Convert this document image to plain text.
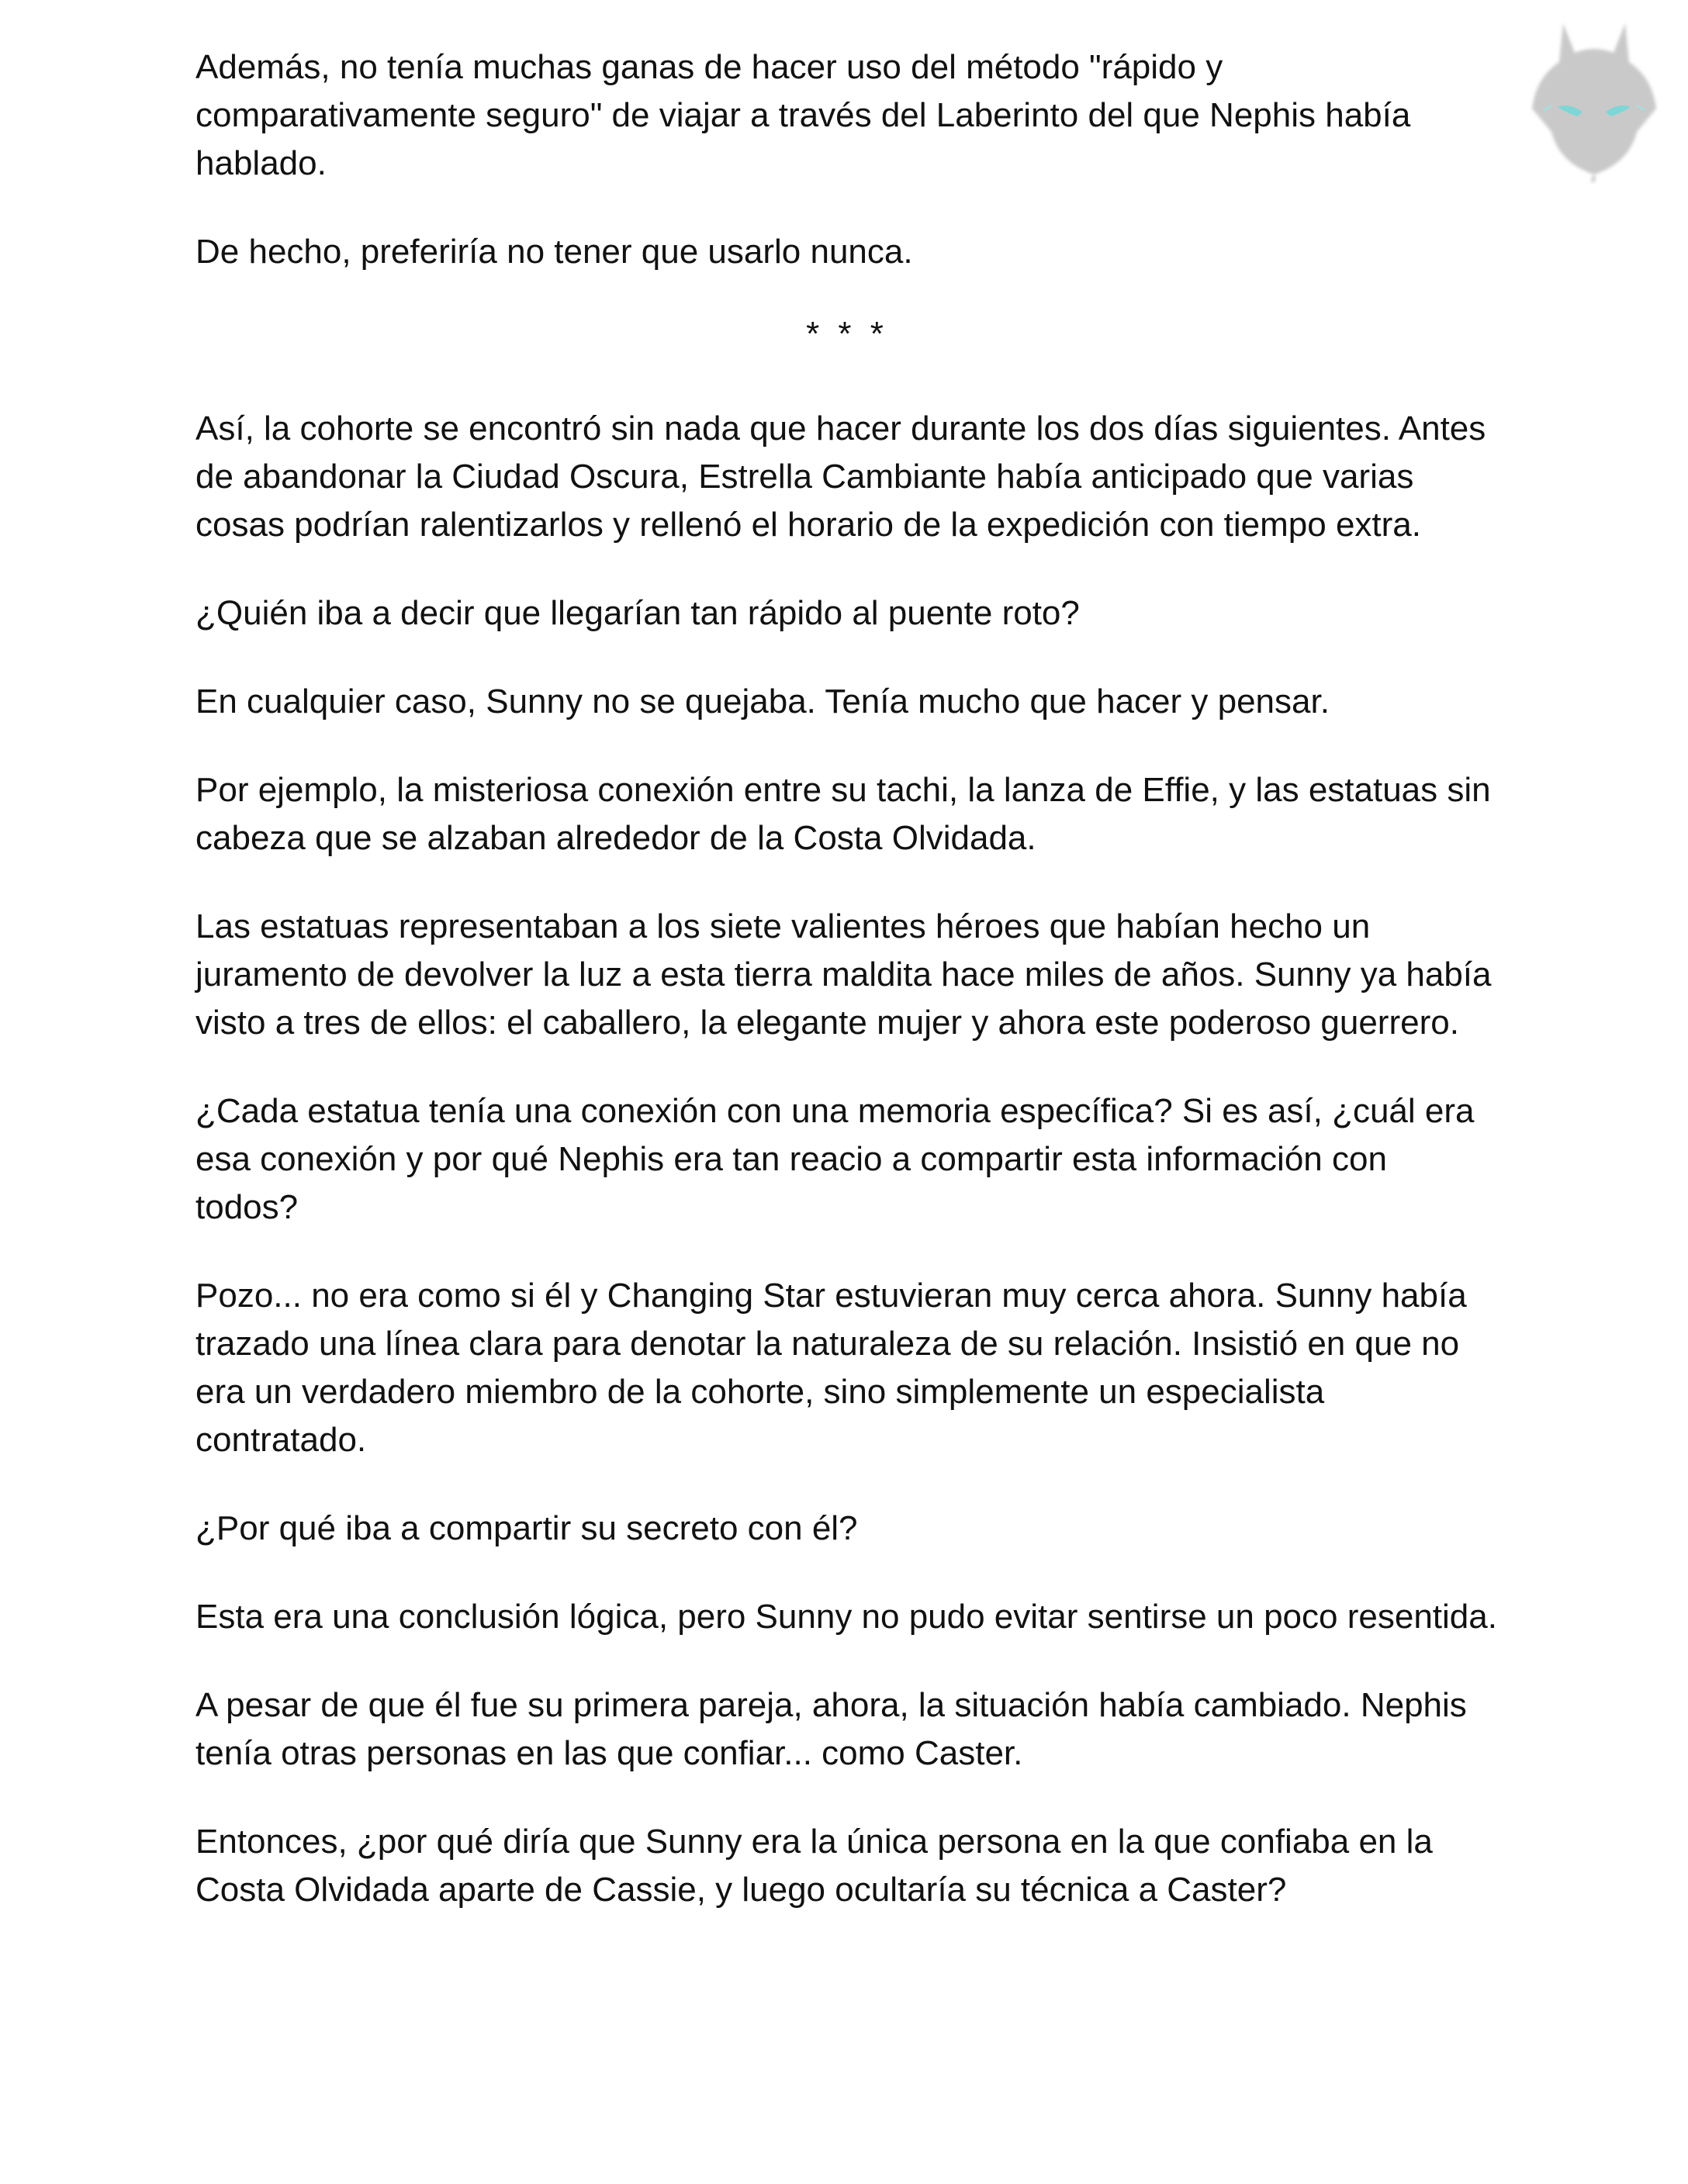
Además, no tenía muchas ganas de hacer uso del método "rápido y comparativamente seguro" de viajar a través del Laberinto del que Nephis había hablado.

De hecho, preferiría no tener que usarlo nunca.

* * *

Así, la cohorte se encontró sin nada que hacer durante los dos días siguientes. Antes de abandonar la Ciudad Oscura, Estrella Cambiante había anticipado que varias cosas podrían ralentizarlos y rellenó el horario de la expedición con tiempo extra.

¿Quién iba a decir que llegarían tan rápido al puente roto?

En cualquier caso, Sunny no se quejaba. Tenía mucho que hacer y pensar.

Por ejemplo, la misteriosa conexión entre su tachi, la lanza de Effie, y las estatuas sin cabeza que se alzaban alrededor de la Costa Olvidada.

Las estatuas representaban a los siete valientes héroes que habían hecho un juramento de devolver la luz a esta tierra maldita hace miles de años. Sunny ya había visto a tres de ellos: el caballero, la elegante mujer y ahora este poderoso guerrero.

¿Cada estatua tenía una conexión con una memoria específica? Si es así, ¿cuál era esa conexión y por qué Nephis era tan reacio a compartir esta información con todos?

Pozo... no era como si él y Changing Star estuvieran muy cerca ahora. Sunny había trazado una línea clara para denotar la naturaleza de su relación. Insistió en que no era un verdadero miembro de la cohorte, sino simplemente un especialista contratado.

¿Por qué iba a compartir su secreto con él?

Esta era una conclusión lógica, pero Sunny no pudo evitar sentirse un poco resentida.

A pesar de que él fue su primera pareja, ahora, la situación había cambiado. Nephis tenía otras personas en las que confiar... como Caster.

Entonces, ¿por qué diría que Sunny era la única persona en la que confiaba en la Costa Olvidada aparte de Cassie, y luego ocultaría su técnica a Caster?
